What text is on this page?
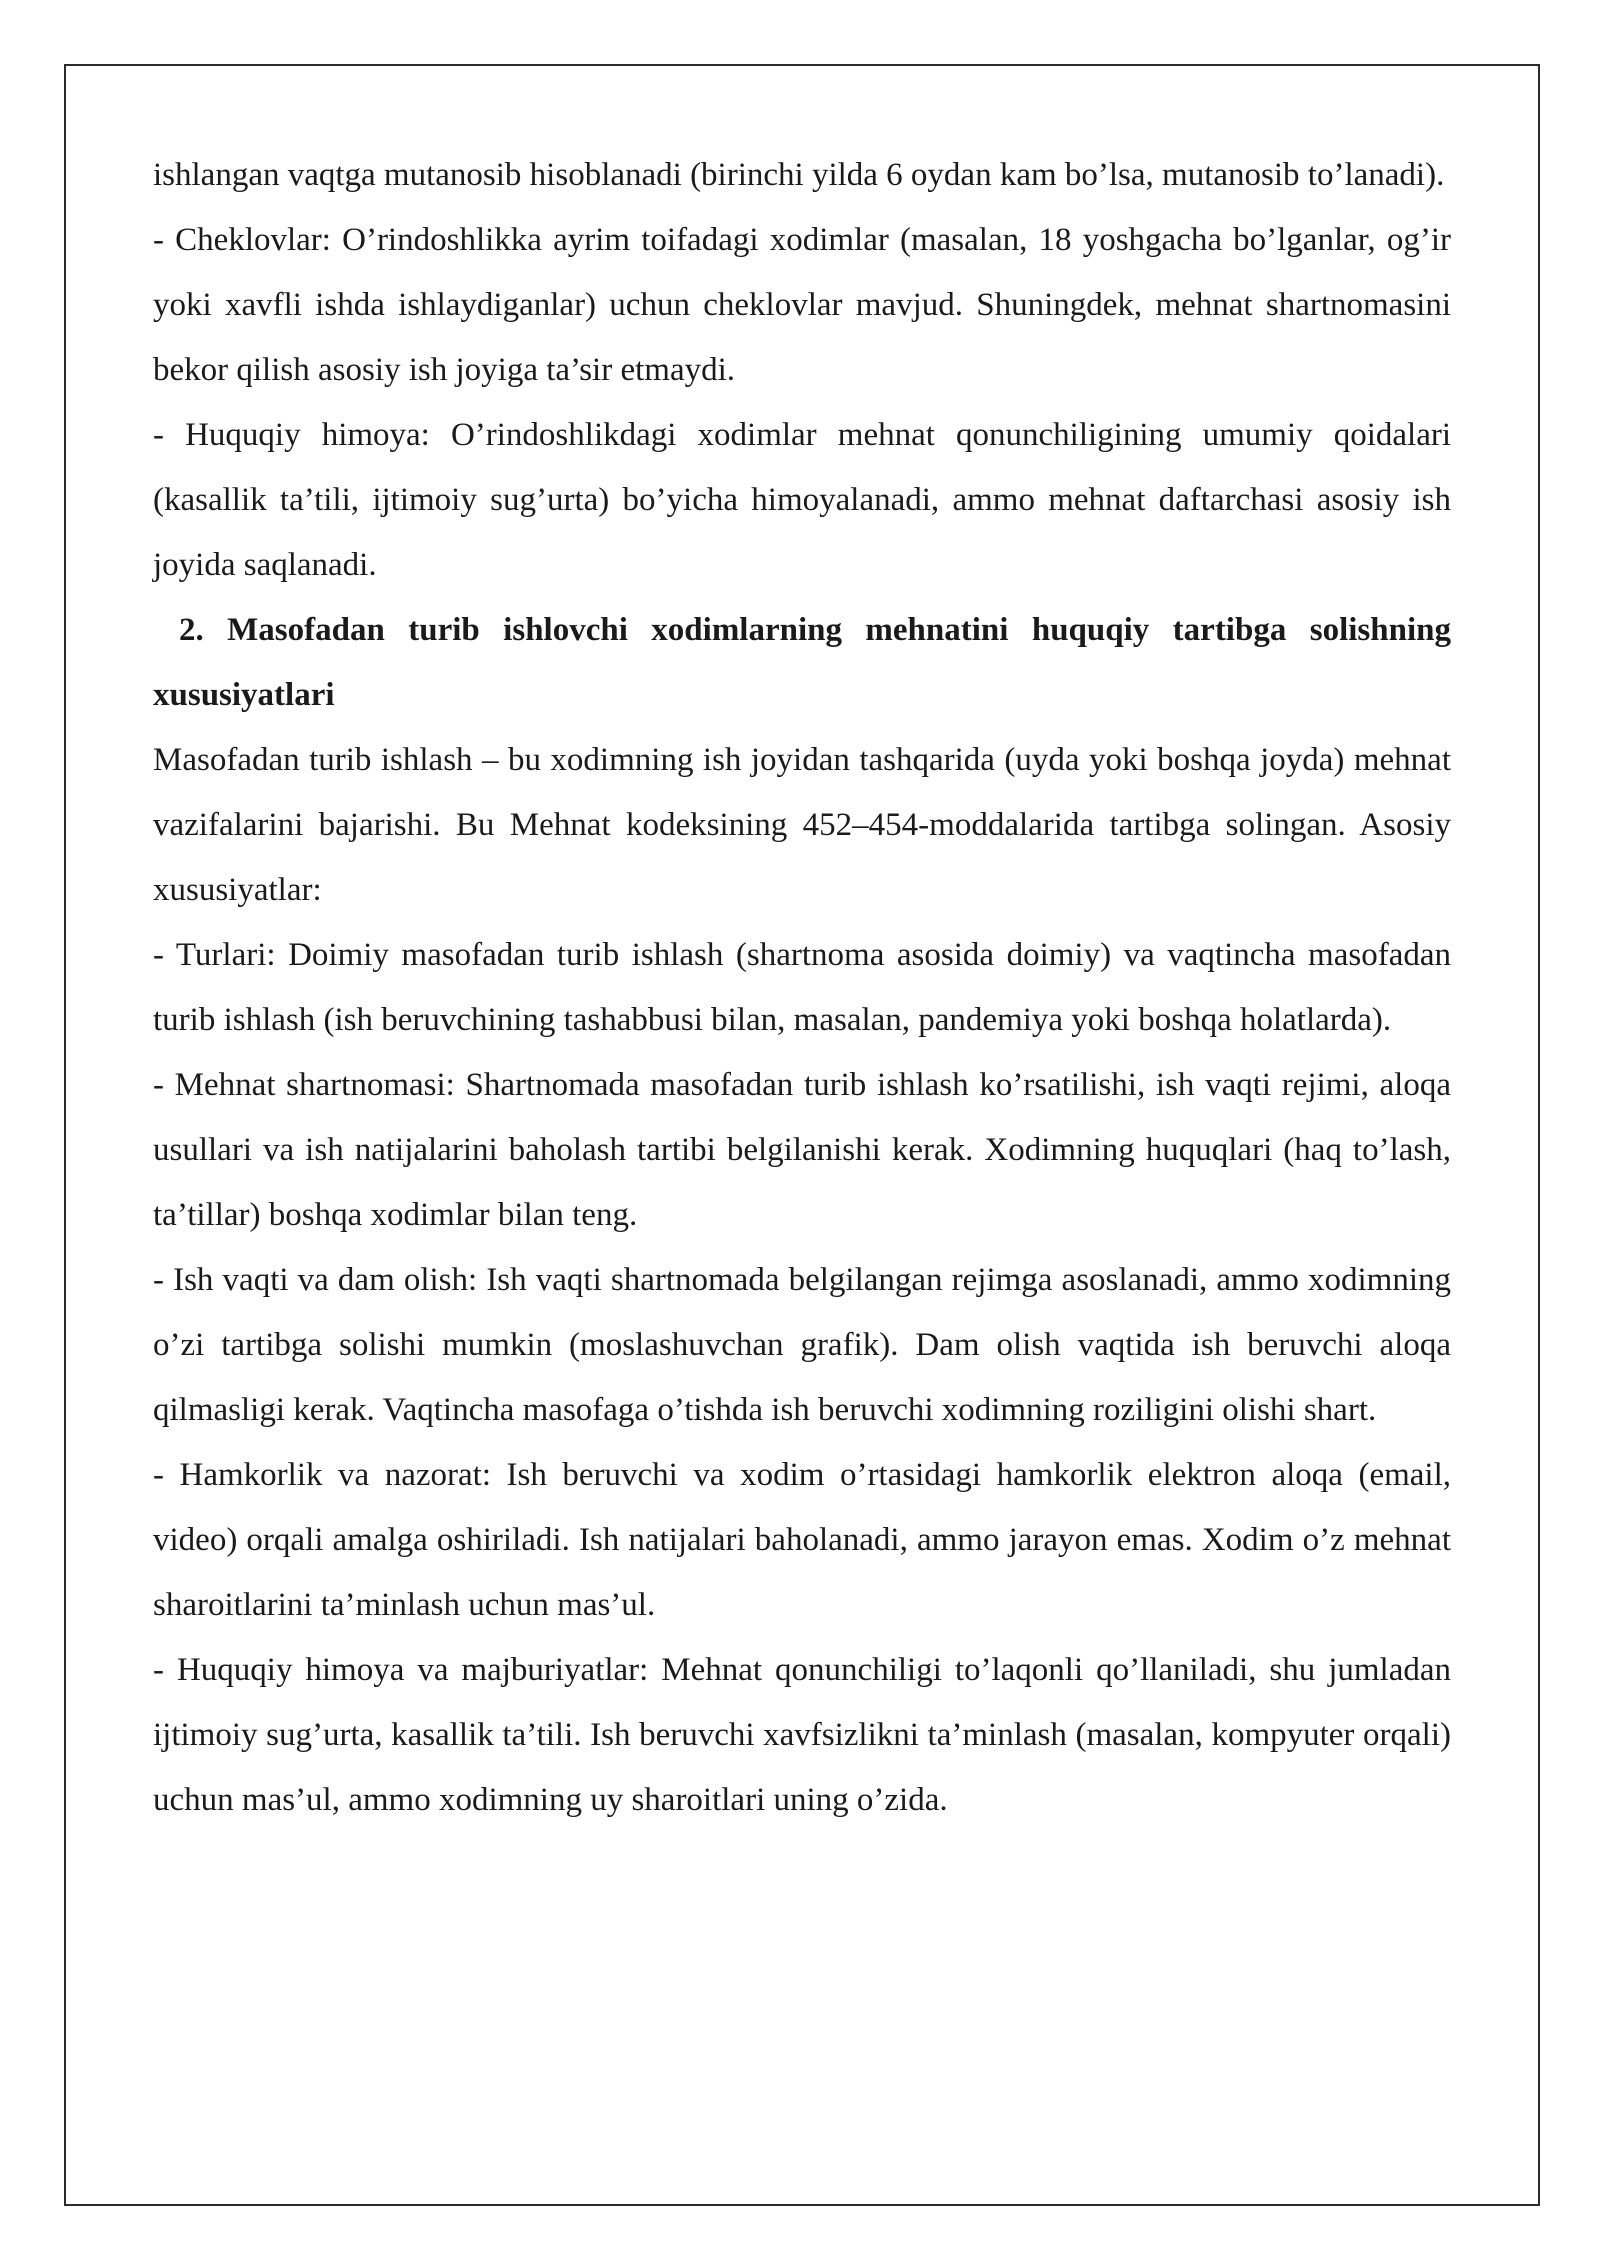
ishlangan vaqtga mutanosib hisoblanadi (birinchi yilda 6 oydan kam bo’lsa, mutanosib to’lanadi).

- Cheklovlar: O’rindoshlikka ayrim toifadagi xodimlar (masalan, 18 yoshgacha bo’lganlar, og’ir yoki xavfli ishda ishlaydiganlar) uchun cheklovlar mavjud. Shuningdek, mehnat shartnomasini bekor qilish asosiy ish joyiga ta’sir etmaydi.

- Huquqiy himoya: O’rindoshlikdagi xodimlar mehnat qonunchiligining umumiy qoidalari (kasallik ta’tili, ijtimoiy sug’urta) bo’yicha himoyalanadi, ammo mehnat daftarchasi asosiy ish joyida saqlanadi.

2. Masofadan turib ishlovchi xodimlarning mehnatini huquqiy tartibga solishning xususiyatlari

Masofadan turib ishlash – bu xodimning ish joyidan tashqarida (uyda yoki boshqa joyda) mehnat vazifalarini bajarishi. Bu Mehnat kodeksining 452–454-moddalarida tartibga solingan. Asosiy xususiyatlar:

- Turlari: Doimiy masofadan turib ishlash (shartnoma asosida doimiy) va vaqtincha masofadan turib ishlash (ish beruvchining tashabbusi bilan, masalan, pandemiya yoki boshqa holatlarda).

- Mehnat shartnomasi: Shartnomada masofadan turib ishlash ko’rsatilishi, ish vaqti rejimi, aloqa usullari va ish natijalarini baholash tartibi belgilanishi kerak. Xodimning huquqlari (haq to’lash, ta’tillar) boshqa xodimlar bilan teng.

- Ish vaqti va dam olish: Ish vaqti shartnomada belgilangan rejimga asoslanadi, ammo xodimning o’zi tartibga solishi mumkin (moslashuvchan grafik). Dam olish vaqtida ish beruvchi aloqa qilmasligi kerak. Vaqtincha masofaga o’tishda ish beruvchi xodimning roziligini olishi shart.

- Hamkorlik va nazorat: Ish beruvchi va xodim o’rtasidagi hamkorlik elektron aloqa (email, video) orqali amalga oshiriladi. Ish natijalari baholanadi, ammo jarayon emas. Xodim o’z mehnat sharoitlarini ta’minlash uchun mas’ul.

- Huquqiy himoya va majburiyatlar: Mehnat qonunchiligi to’laqonli qo’llaniladi, shu jumladan ijtimoiy sug’urta, kasallik ta’tili. Ish beruvchi xavfsizlikni ta’minlash (masalan, kompyuter orqali) uchun mas’ul, ammo xodimning uy sharoitlari uning o’zida.
